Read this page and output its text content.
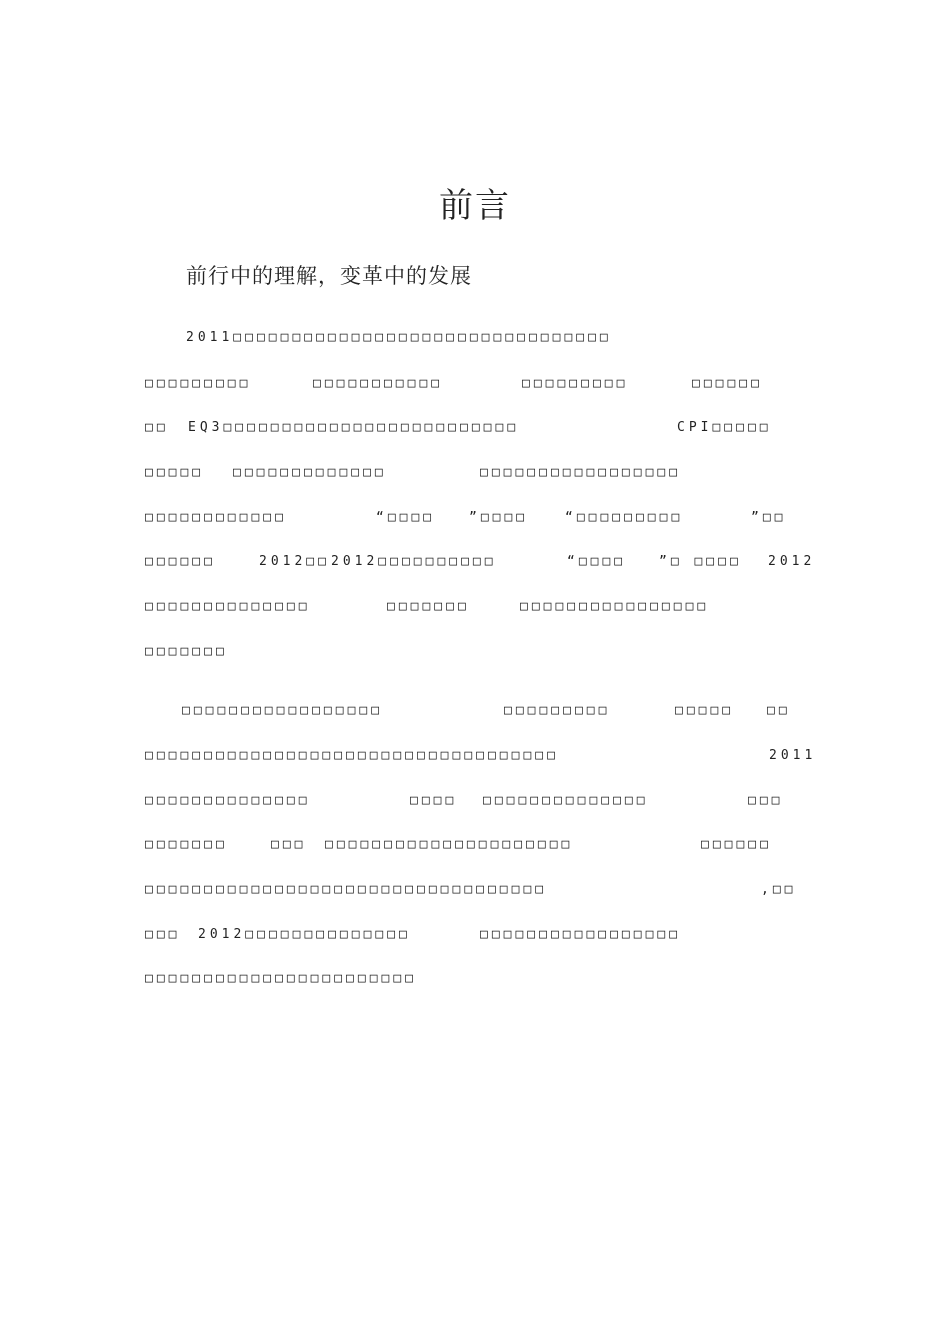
前言
前行中的理解，变革中的发展
2011□□□□□□□□□□□□□□□□□□□□□□□□□□□□□□□□
□□□□□□□□□	□□□□□□□□□□□	□□□□□□□□□	□□□□□□
□□ EQ3□□□□□□□□□□□□□□□□□□□□□□□□□	CPI□□□□□
□□□□□ □□□□□□□□□□□□□	□□□□□□□□□□□□□□□□□
□□□□□□□□□□□□	“□□□□	”□□□□	“□□□□□□□□□	”□□
□□□□□□	2012□□ 2012□□□□□□□□□□	“□□□□	”□ □□□□ 2012
□□□□□□□□□□□□□□	□□□□□□□	□□□□□□□□□□□□□□□□
□□□□□□□
□□□□□□□□□□□□□□□□□	□□□□□□□□□	□□□□□	□□
□□□□□□□□□□□□□□□□□□□□□□□□□□□□□□□□□□□	2011
□□□□□□□□□□□□□□	□□□□ □□□□□□□□□□□□□□	□□□
□□□□□□□	□□□ □□□□□□□□□□□□□□□□□□□□□	□□□□□□
□□□□□□□□□□□□□□□□□□□□□□□□□□□□□□□□□□	,□□
□□□ 2012□□□□□□□□□□□□□□	□□□□□□□□□□□□□□□□□
□□□□□□□□□□□□□□□□□□□□□□□
